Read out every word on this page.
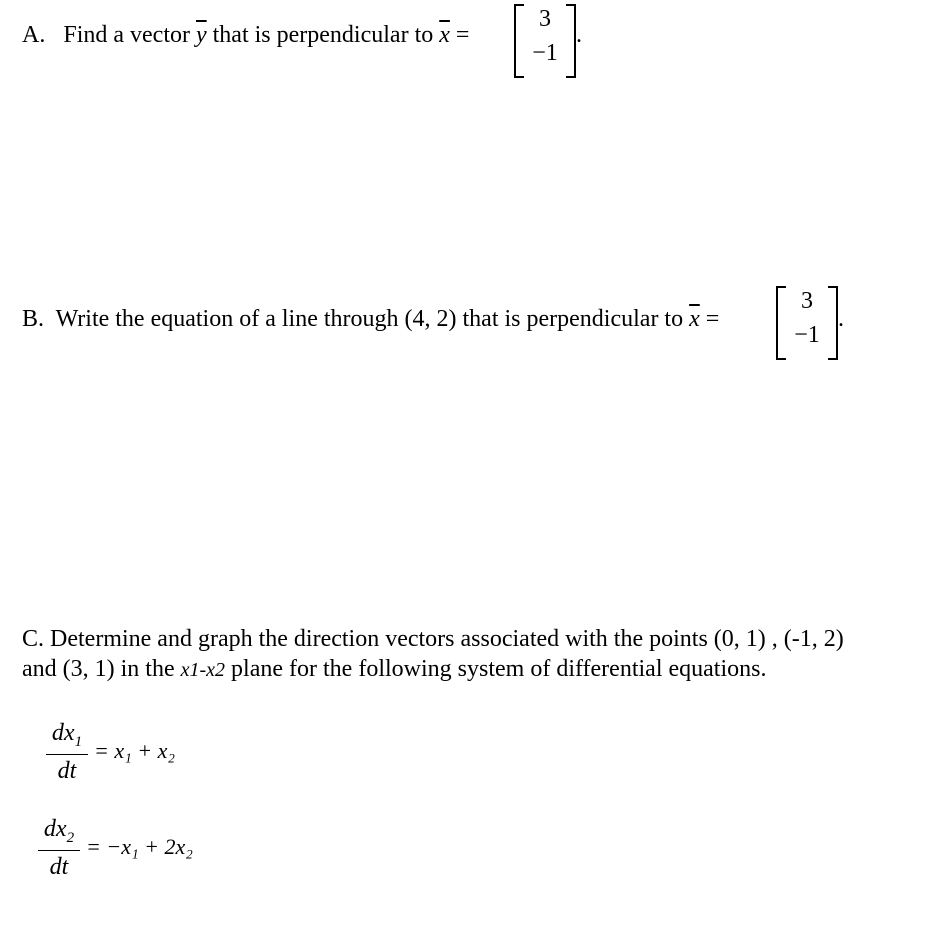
A. Find a vector $\overline{y}$ that is perpendicular to $\overline{x}$ =
3
−1
.
B. Write the equation of a line through (4, 2) that is perpendicular to $\overline{x}$ =
3
−1
.
C. Determine and graph the direction vectors associated with the points (0, 1) , (-1, 2)
and (3, 1) in the x1-x2 plane for the following system of differential equations.
$dx_1$
dt
= x₁ + x₂
$dx_2$
dt
= −x₁ + 2x₂
